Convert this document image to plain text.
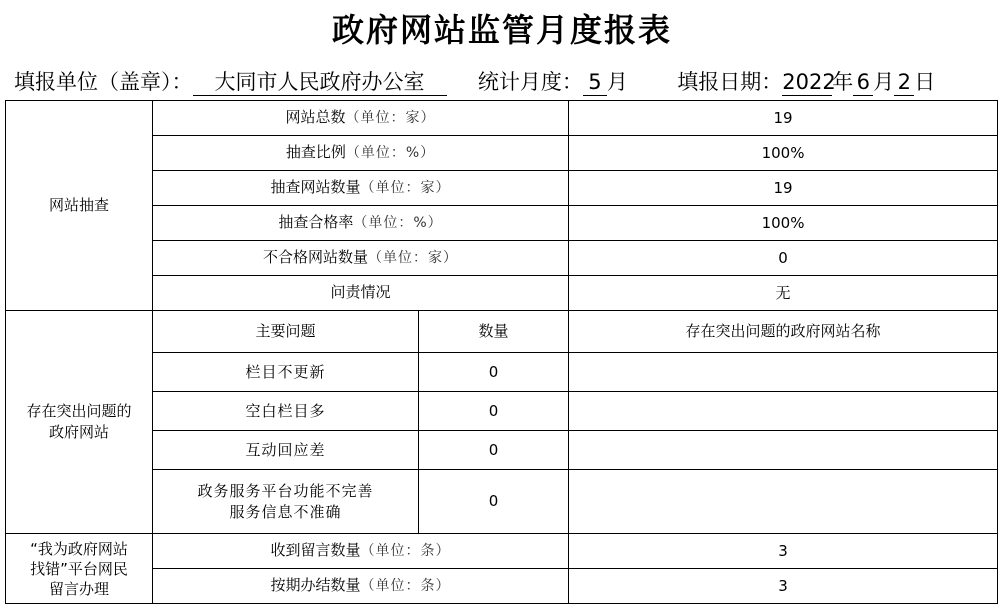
政府网站监管月度报表
填报单位（盖章）： 大同市人民政府办公室	统计月度： 5 月 填报日期：2022年 6 月 2 日
网站抽查	网站总数（单位：家）		19
	抽查比例（单位：%）		100%
	抽查网站数量（单位：家）		19
	抽查合格率（单位：%）		100%
	不合格网站数量（单位：家）		0
	问责情况		无
存在突出问题的
政府网站	主要问题	数量	存在突出问题的政府网站名称
	栏目不更新	0	
	空白栏目多	0	
	互动回应差	0	
	政务服务平台功能不完善
服务信息不准确	0	
“我为政府网站
找错”平台网民
留言办理	收到留言数量（单位：条）		3
	按期办结数量（单位：条）		3
